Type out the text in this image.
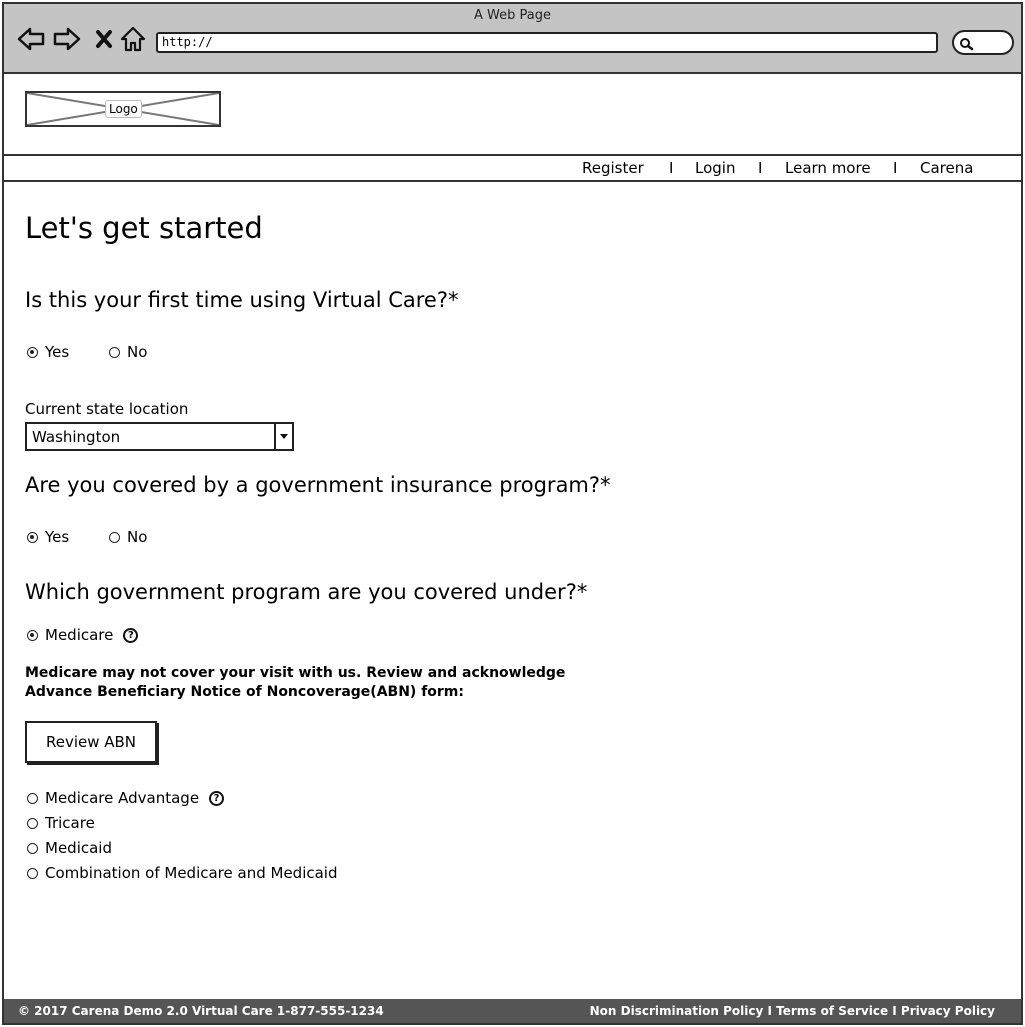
A Web Page
http://
Logo
Register I Login I Learn more I Carena
Let's get started
Is this your first time using Virtual Care?*
Yes	No
Current state location
Washington
Are you covered by a government insurance program?*
Yes	No
Which government program are you covered under?*
Medicare	?
Medicare may not cover your visit with us. Review and acknowledge Advance Beneficiary Notice of Noncoverage(ABN) form:
Review ABN
Medicare Advantage	?
Tricare
Medicaid
Combination of Medicare and Medicaid
© 2017 Carena Demo 2.0 Virtual Care 1-877-555-1234	Non Discrimination Policy I Terms of Service I Privacy Policy
